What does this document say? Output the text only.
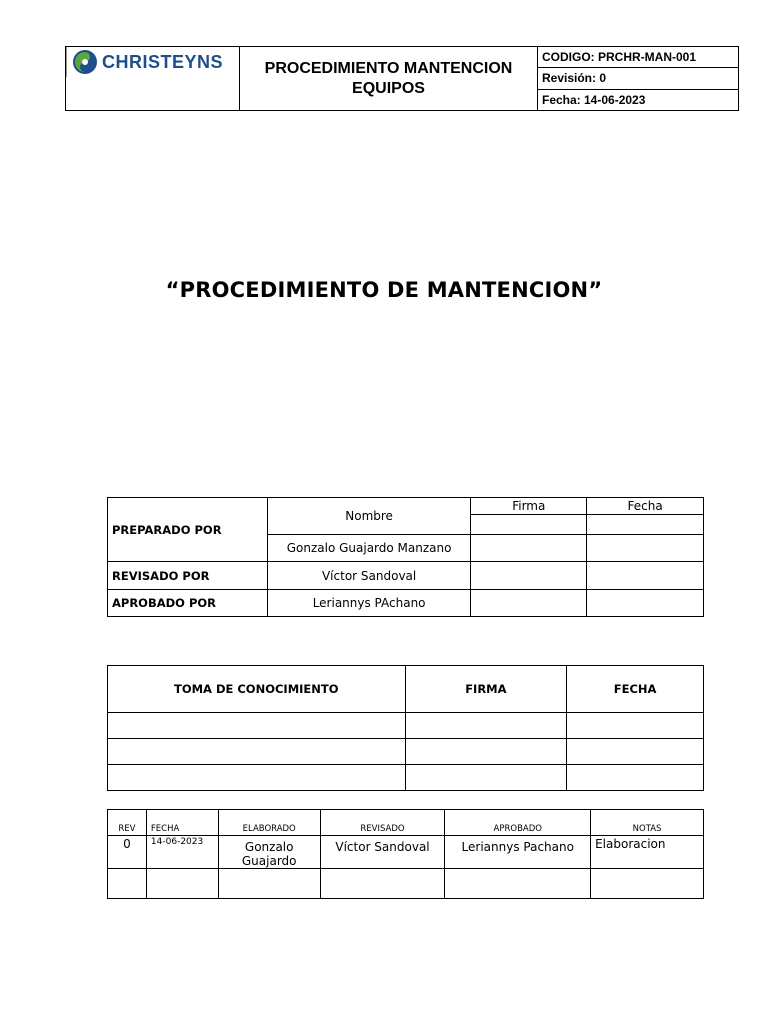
CHRISTEYNS	PROCEDIMIENTO MANTENCION
EQUIPOS
	CODIGO: PRCHR-MAN-001
Revisión: 0
Fecha: 14-06-2023
“PROCEDIMIENTO DE MANTENCION”
PREPARADO POR	Nombre	Firma	Fecha

	Gonzalo Guajardo Manzano		
REVISADO POR	Víctor Sandoval		
APROBADO POR	Leriannys PAchano		
TOMA DE CONOCIMIENTO	FIRMA	FECHA

REV	FECHA	ELABORADO	REVISADO	APROBADO	NOTAS
0	14-06-2023	Gonzalo Guajardo	Víctor Sandoval	Leriannys Pachano	Elaboracion
